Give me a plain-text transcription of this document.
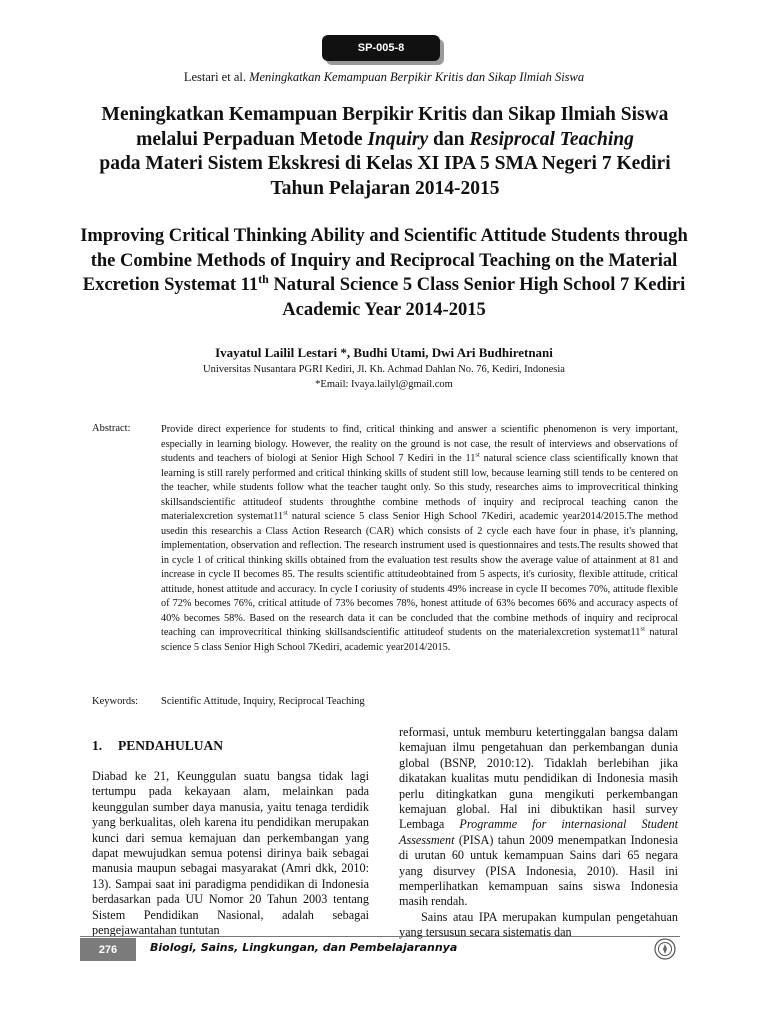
SP-005-8
Lestari et al. Meningkatkan Kemampuan Berpikir Kritis dan Sikap Ilmiah Siswa
Meningkatkan Kemampuan Berpikir Kritis dan Sikap Ilmiah Siswa
melalui Perpaduan Metode Inquiry dan Resiprocal Teaching
pada Materi Sistem Ekskresi di Kelas XI IPA 5 SMA Negeri 7 Kediri
Tahun Pelajaran 2014-2015
Improving Critical Thinking Ability and Scientific Attitude Students through
the Combine Methods of Inquiry and Reciprocal Teaching on the Material
Excretion Systemat 11th Natural Science 5 Class Senior High School 7 Kediri
Academic Year 2014-2015
Ivayatul Lailil Lestari *, Budhi Utami, Dwi Ari Budhiretnani
Universitas Nusantara PGRI Kediri, Jl. Kh. Achmad Dahlan No. 76, Kediri, Indonesia
*Email: Ivaya.lailyl@gmail.com
Abstract:	Provide direct experience for students to find, critical thinking and answer a scientific phenomenon is very important, especially in learning biology. However, the reality on the ground is not case, the result of interviews and observations of students and teachers of biologi at Senior High School 7 Kediri in the 11st natural science class scientifically known that learning is still rarely performed and critical thinking skills of student still low, because learning still tends to be centered on the teacher, while students follow what the teacher taught only. So this study, researches aims to improvecritical thinking skillsandscientific attitudeof students throughthe combine methods of inquiry and reciprocal teaching canon the materialexcretion systemat11st natural science 5 class Senior High School 7Kediri, academic year2014/2015.The method usedin this researchis a Class Action Research (CAR) which consists of 2 cycle each have four in phase, it's planning, implementation, observation and reflection. The research instrument used is questionnaires and tests.The results showed that in cycle 1 of critical thinking skills obtained from the evaluation test results show the average value of attainment at 81 and increase in cycle II becomes 85. The results scientific attitudeobtained from 5 aspects, it's curiosity, flexible attitude, critical attitude, honest attitude and accuracy. In cycle I coriusity of students 49% increase in cycle II becomes 70%, attitude flexible of 72% becomes 76%, critical attitude of 73% becomes 78%, honest attitude of 63% becomes 66% and accuracy aspects of 40% becomes 58%. Based on the research data it can be concluded that the combine methods of inquiry and reciprocal teaching can improvecritical thinking skillsandscientific attitudeof students on the materialexcretion systemat11st natural science 5 class Senior High School 7Kediri, academic year2014/2015.

Keywords: Scientific Attitude, Inquiry, Reciprocal Teaching
1. PENDAHULUAN

Diabad ke 21, Keunggulan suatu bangsa tidak lagi tertumpu pada kekayaan alam, melainkan pada keunggulan sumber daya manusia, yaitu tenaga terdidik yang berkualitas, oleh karena itu pendidikan merupakan kunci dari semua kemajuan dan perkembangan yang dapat mewujudkan semua potensi dirinya baik sebagai manusia maupun sebagai masyarakat (Amri dkk, 2010: 13). Sampai saat ini paradigma pendidikan di Indonesia berdasarkan pada UU Nomor 20 Tahun 2003 tentang Sistem Pendidikan Nasional, adalah sebagai pengejawantahan tuntutan

reformasi, untuk memburu ketertinggalan bangsa dalam kemajuan ilmu pengetahuan dan perkembangan dunia global (BSNP, 2010:12). Tidaklah berlebihan jika dikatakan kualitas mutu pendidikan di Indonesia masih perlu ditingkatkan guna mengikuti perkembangan kemajuan global. Hal ini dibuktikan hasil survey Lembaga Programme for internasional Student Assessment (PISA) tahun 2009 menempatkan Indonesia di urutan 60 untuk kemampuan Sains dari 65 negara yang disurvey (PISA Indonesia, 2010). Hasil ini memperlihatkan kemampuan sains siswa Indonesia masih rendah.

Sains atau IPA merupakan kumpulan pengetahuan yang tersusun secara sistematis dan

276	Biologi, Sains, Lingkungan, dan Pembelajarannya
